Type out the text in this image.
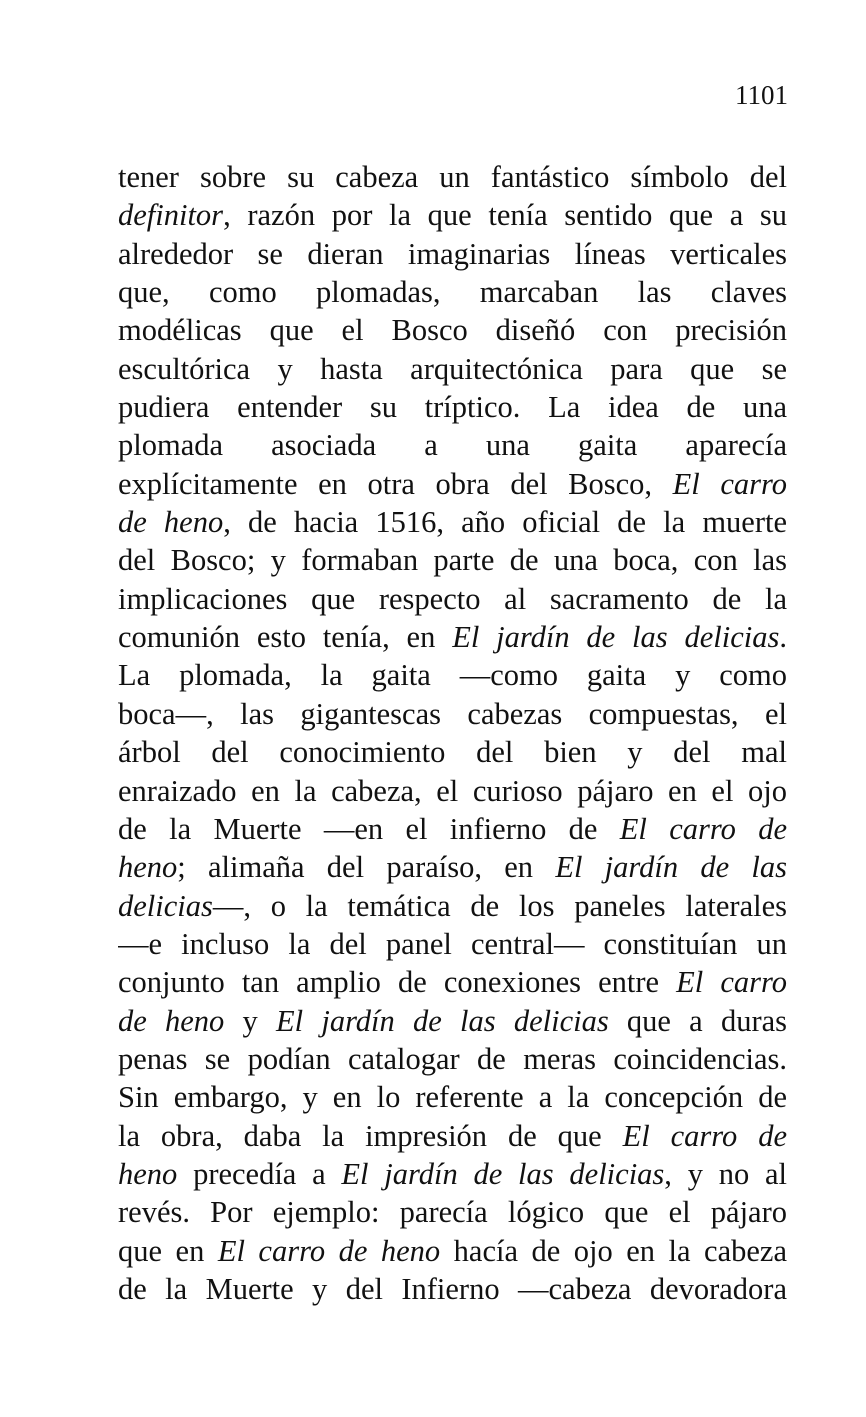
1101

tener sobre su cabeza un fantástico símbolo del
definitor, razón por la que tenía sentido que a su
alrededor se dieran imaginarias líneas verticales
que, como plomadas, marcaban las claves
modélicas que el Bosco diseñó con precisión
escultórica y hasta arquitectónica para que se
pudiera entender su tríptico. La idea de una
plomada asociada a una gaita aparecía
explícitamente en otra obra del Bosco, El carro
de heno, de hacia 1516, año oficial de la muerte
del Bosco; y formaban parte de una boca, con las
implicaciones que respecto al sacramento de la
comunión esto tenía, en El jardín de las delicias.
La plomada, la gaita —como gaita y como
boca—, las gigantescas cabezas compuestas, el
árbol del conocimiento del bien y del mal
enraizado en la cabeza, el curioso pájaro en el ojo
de la Muerte —en el infierno de El carro de
heno; alimaña del paraíso, en El jardín de las
delicias—, o la temática de los paneles laterales
—e incluso la del panel central— constituían un
conjunto tan amplio de conexiones entre El carro
de heno y El jardín de las delicias que a duras
penas se podían catalogar de meras coincidencias.
Sin embargo, y en lo referente a la concepción de
la obra, daba la impresión de que El carro de
heno precedía a El jardín de las delicias, y no al
revés. Por ejemplo: parecía lógico que el pájaro
que en El carro de heno hacía de ojo en la cabeza
de la Muerte y del Infierno —cabeza devoradora
